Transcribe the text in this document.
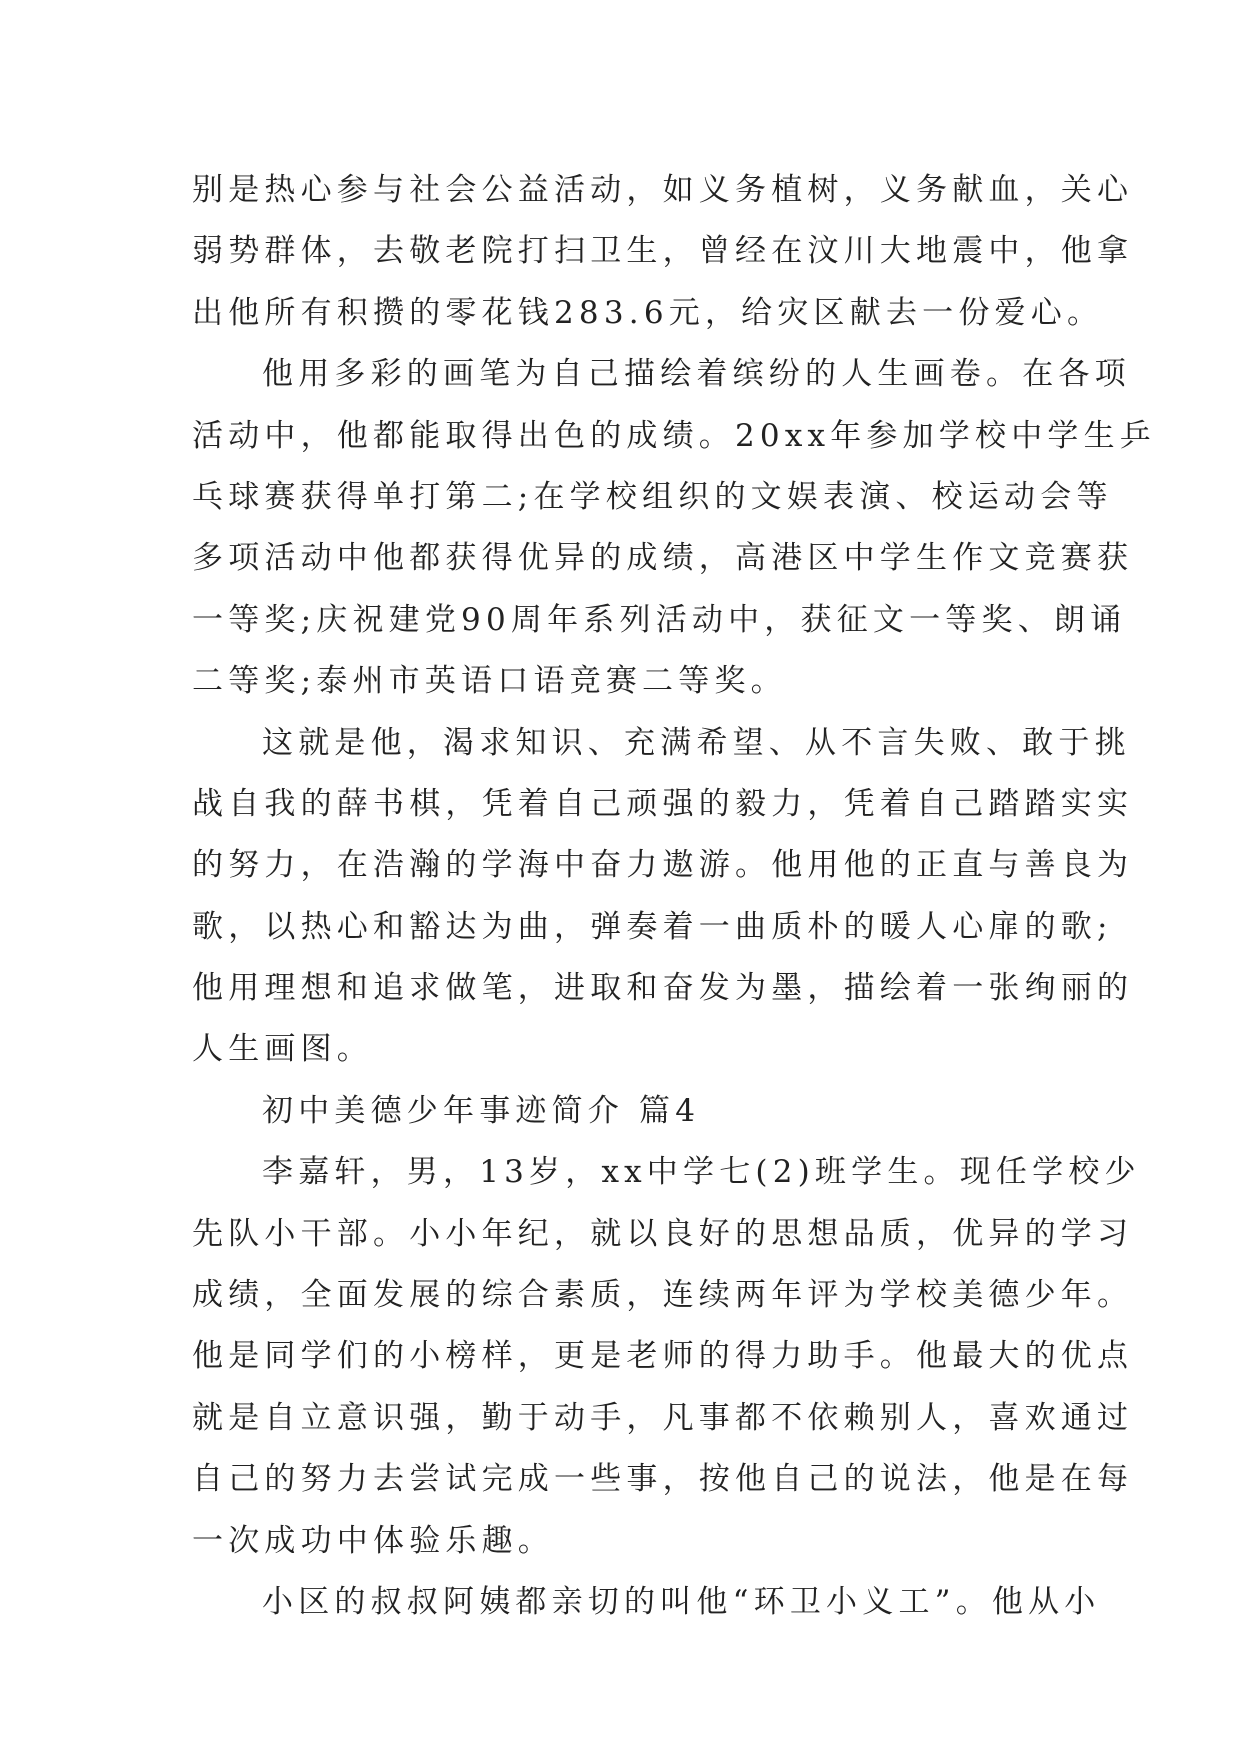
别是热心参与社会公益活动，如义务植树，义务献血，关心
弱势群体，去敬老院打扫卫生，曾经在汶川大地震中，他拿
出他所有积攒的零花钱283.6元，给灾区献去一份爱心。
他用多彩的画笔为自己描绘着缤纷的人生画卷。在各项
活动中，他都能取得出色的成绩。20xx年参加学校中学生乒
乓球赛获得单打第二;在学校组织的文娱表演、校运动会等
多项活动中他都获得优异的成绩，高港区中学生作文竞赛获
一等奖;庆祝建党90周年系列活动中，获征文一等奖、朗诵
二等奖;泰州市英语口语竞赛二等奖。
这就是他，渴求知识、充满希望、从不言失败、敢于挑
战自我的薛书棋，凭着自己顽强的毅力，凭着自己踏踏实实
的努力，在浩瀚的学海中奋力遨游。他用他的正直与善良为
歌，以热心和豁达为曲，弹奏着一曲质朴的暖人心扉的歌;
他用理想和追求做笔，进取和奋发为墨，描绘着一张绚丽的
人生画图。
初中美德少年事迹简介 篇4
李嘉轩，男，13岁，xx中学七(2)班学生。现任学校少
先队小干部。小小年纪，就以良好的思想品质，优异的学习
成绩，全面发展的综合素质，连续两年评为学校美德少年。
他是同学们的小榜样，更是老师的得力助手。他最大的优点
就是自立意识强，勤于动手，凡事都不依赖别人，喜欢通过
自己的努力去尝试完成一些事，按他自己的说法，他是在每
一次成功中体验乐趣。
小区的叔叔阿姨都亲切的叫他“环卫小义工”。他从小
